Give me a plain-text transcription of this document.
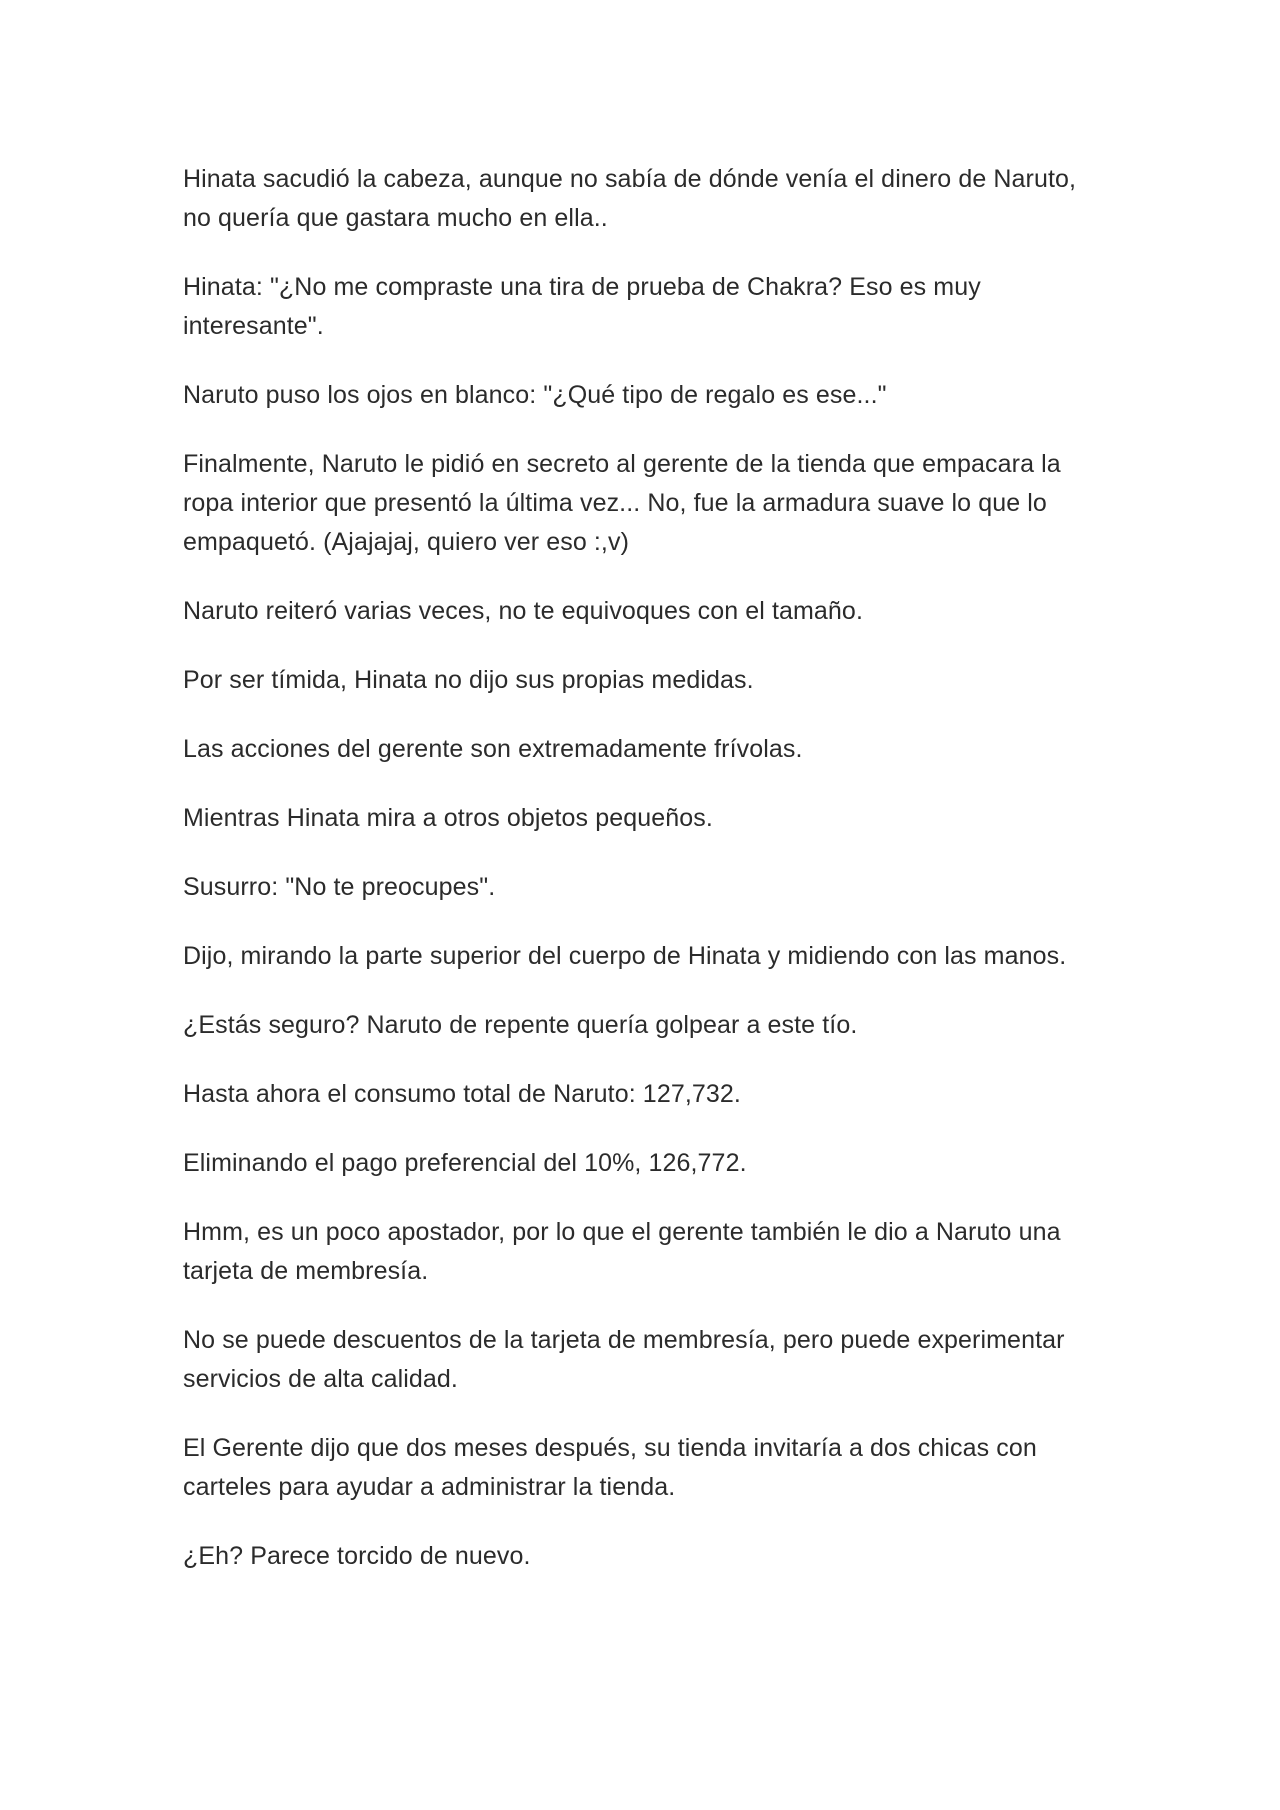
Hinata sacudió la cabeza, aunque no sabía de dónde venía el dinero de Naruto, no quería que gastara mucho en ella..

Hinata: "¿No me compraste una tira de prueba de Chakra? Eso es muy interesante".

Naruto puso los ojos en blanco: "¿Qué tipo de regalo es ese..."

Finalmente, Naruto le pidió en secreto al gerente de la tienda que empacara la ropa interior que presentó la última vez... No, fue la armadura suave lo que lo empaquetó. (Ajajajaj, quiero ver eso :,v)

Naruto reiteró varias veces, no te equivoques con el tamaño.

Por ser tímida, Hinata no dijo sus propias medidas.

Las acciones del gerente son extremadamente frívolas.

Mientras Hinata mira a otros objetos pequeños.

Susurro: "No te preocupes".

Dijo, mirando la parte superior del cuerpo de Hinata y midiendo con las manos.

¿Estás seguro? Naruto de repente quería golpear a este tío.

Hasta ahora el consumo total de Naruto: 127,732.

Eliminando el pago preferencial del 10%, 126,772.

Hmm, es un poco apostador, por lo que el gerente también le dio a Naruto una tarjeta de membresía.

No se puede descuentos de la tarjeta de membresía, pero puede experimentar servicios de alta calidad.

El Gerente dijo que dos meses después, su tienda invitaría a dos chicas con carteles para ayudar a administrar la tienda.

¿Eh? Parece torcido de nuevo.
